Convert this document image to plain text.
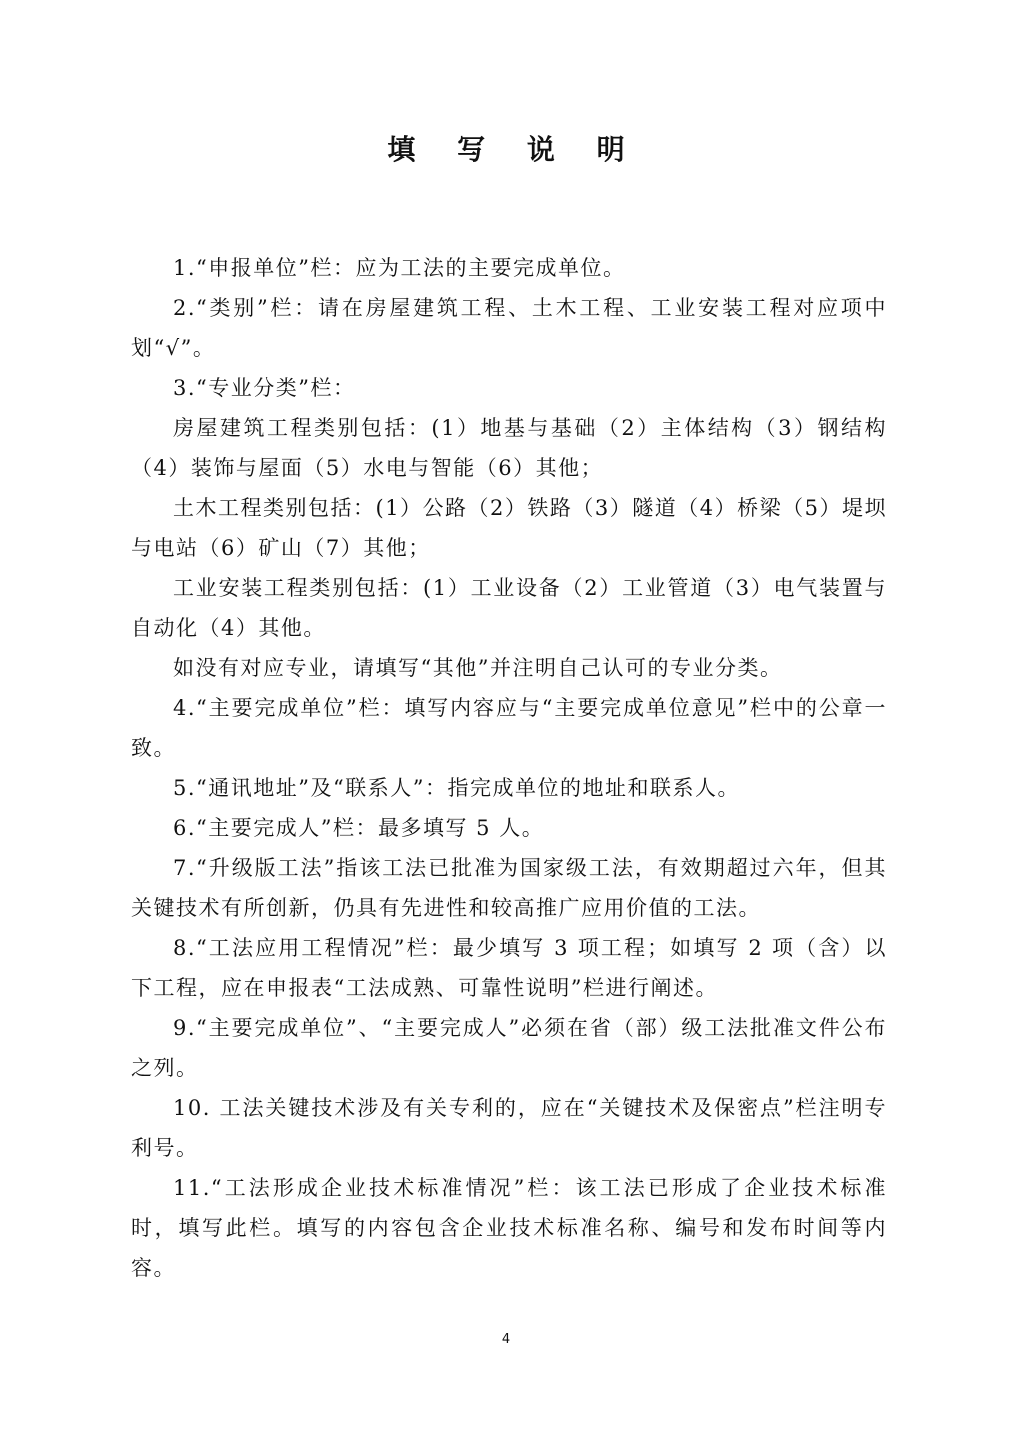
填 写 说 明

1.“申报单位”栏：应为工法的主要完成单位。

2.“类别”栏：请在房屋建筑工程、土木工程、工业安装工程对应项中划“√”。

3.“专业分类”栏：

房屋建筑工程类别包括：(1）地基与基础（2）主体结构（3）钢结构（4）装饰与屋面（5）水电与智能（6）其他；

土木工程类别包括：(1）公路（2）铁路（3）隧道（4）桥梁（5）堤坝与电站（6）矿山（7）其他；

工业安装工程类别包括：(1）工业设备（2）工业管道（3）电气装置与自动化（4）其他。

如没有对应专业，请填写“其他”并注明自己认可的专业分类。

4.“主要完成单位”栏：填写内容应与“主要完成单位意见”栏中的公章一致。

5.“通讯地址”及“联系人”：指完成单位的地址和联系人。

6.“主要完成人”栏：最多填写 5 人。

7.“升级版工法”指该工法已批准为国家级工法，有效期超过六年，但其关键技术有所创新，仍具有先进性和较高推广应用价值的工法。

8.“工法应用工程情况”栏：最少填写 3 项工程；如填写 2 项（含）以下工程，应在申报表“工法成熟、可靠性说明”栏进行阐述。

9.“主要完成单位”、“主要完成人”必须在省（部）级工法批准文件公布之列。

10. 工法关键技术涉及有关专利的，应在“关键技术及保密点”栏注明专利号。

11.“工法形成企业技术标准情况”栏：该工法已形成了企业技术标准时，填写此栏。填写的内容包含企业技术标准名称、编号和发布时间等内容。

4
